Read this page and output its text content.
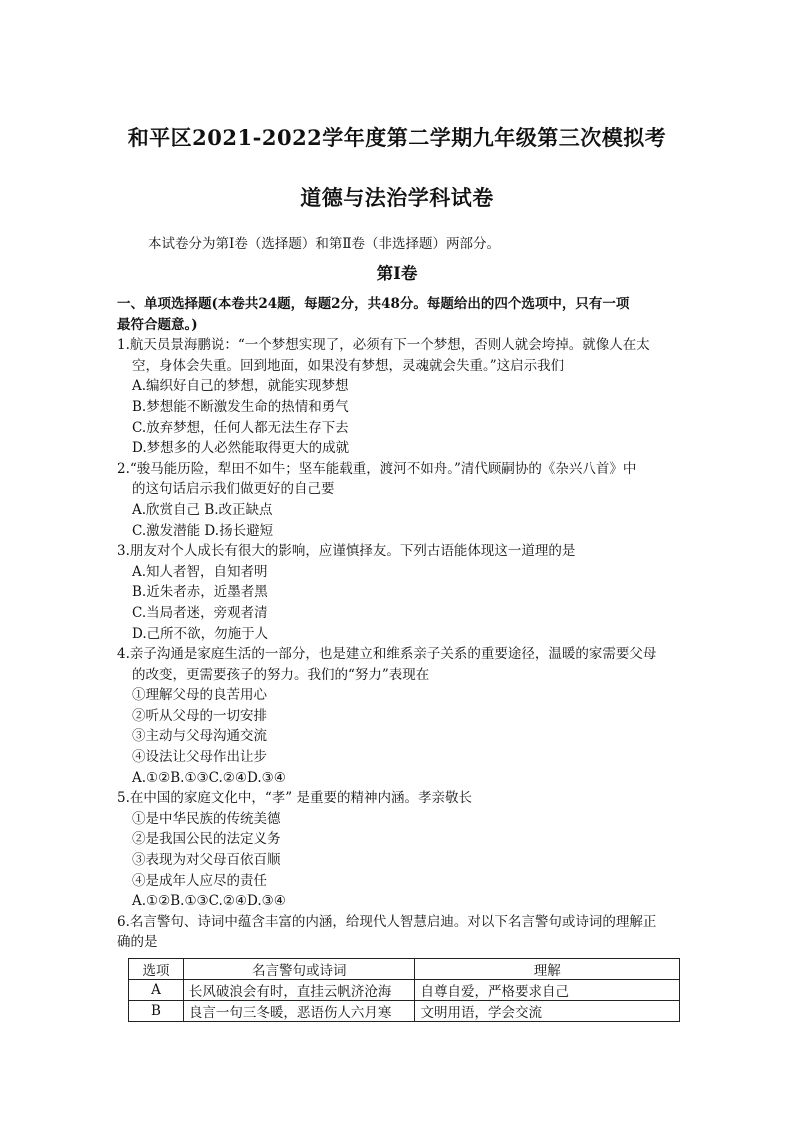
和平区2021-2022学年度第二学期九年级第三次模拟考
道德与法治学科试卷
本试卷分为第Ⅰ卷（选择题）和第Ⅱ卷（非选择题）两部分。
第Ⅰ卷

一、单项选择题(本卷共24题，每题2分，共48分。每题给出的四个选项中，只有一项

最符合题意。)

1.航天员景海鹏说：“一个梦想实现了，必须有下一个梦想，否则人就会垮掉。就像人在太

空，身体会失重。回到地面，如果没有梦想，灵魂就会失重。”这启示我们

A.编织好自己的梦想，就能实现梦想

B.梦想能不断激发生命的热情和勇气

C.放弃梦想，任何人都无法生存下去

D.梦想多的人必然能取得更大的成就

2.“骏马能历险，犁田不如牛；坚车能载重，渡河不如舟。”清代顾嗣协的《杂兴八首》中

的这句话启示我们做更好的自己要

A.欣赏自己 B.改正缺点

C.激发潜能 D.扬长避短

3.朋友对个人成长有很大的影响，应谨慎择友。下列古语能体现这一道理的是

A.知人者智，自知者明

B.近朱者赤，近墨者黑

C.当局者迷，旁观者清

D.己所不欲，勿施于人

4.亲子沟通是家庭生活的一部分，也是建立和维系亲子关系的重要途径，温暖的家需要父母

的改变，更需要孩子的努力。我们的“努力”表现在

①理解父母的良苦用心

②听从父母的一切安排

③主动与父母沟通交流

④设法让父母作出让步

A.①②B.①③C.②④D.③④

5.在中国的家庭文化中，“孝” 是重要的精神内涵。孝亲敬长

①是中华民族的传统美德

②是我国公民的法定义务

③表现为对父母百依百顺

④是成年人应尽的责任

A.①②B.①③C.②④D.③④

6.名言警句、诗词中蕴含丰富的内涵，给现代人智慧启迪。对以下名言警句或诗词的理解正

确的是

选项	名言警句或诗词	理解
A	长风破浪会有时，直挂云帆济沧海	自尊自爱，严格要求自己
B	良言一句三冬暖，恶语伤人六月寒	文明用语，学会交流
